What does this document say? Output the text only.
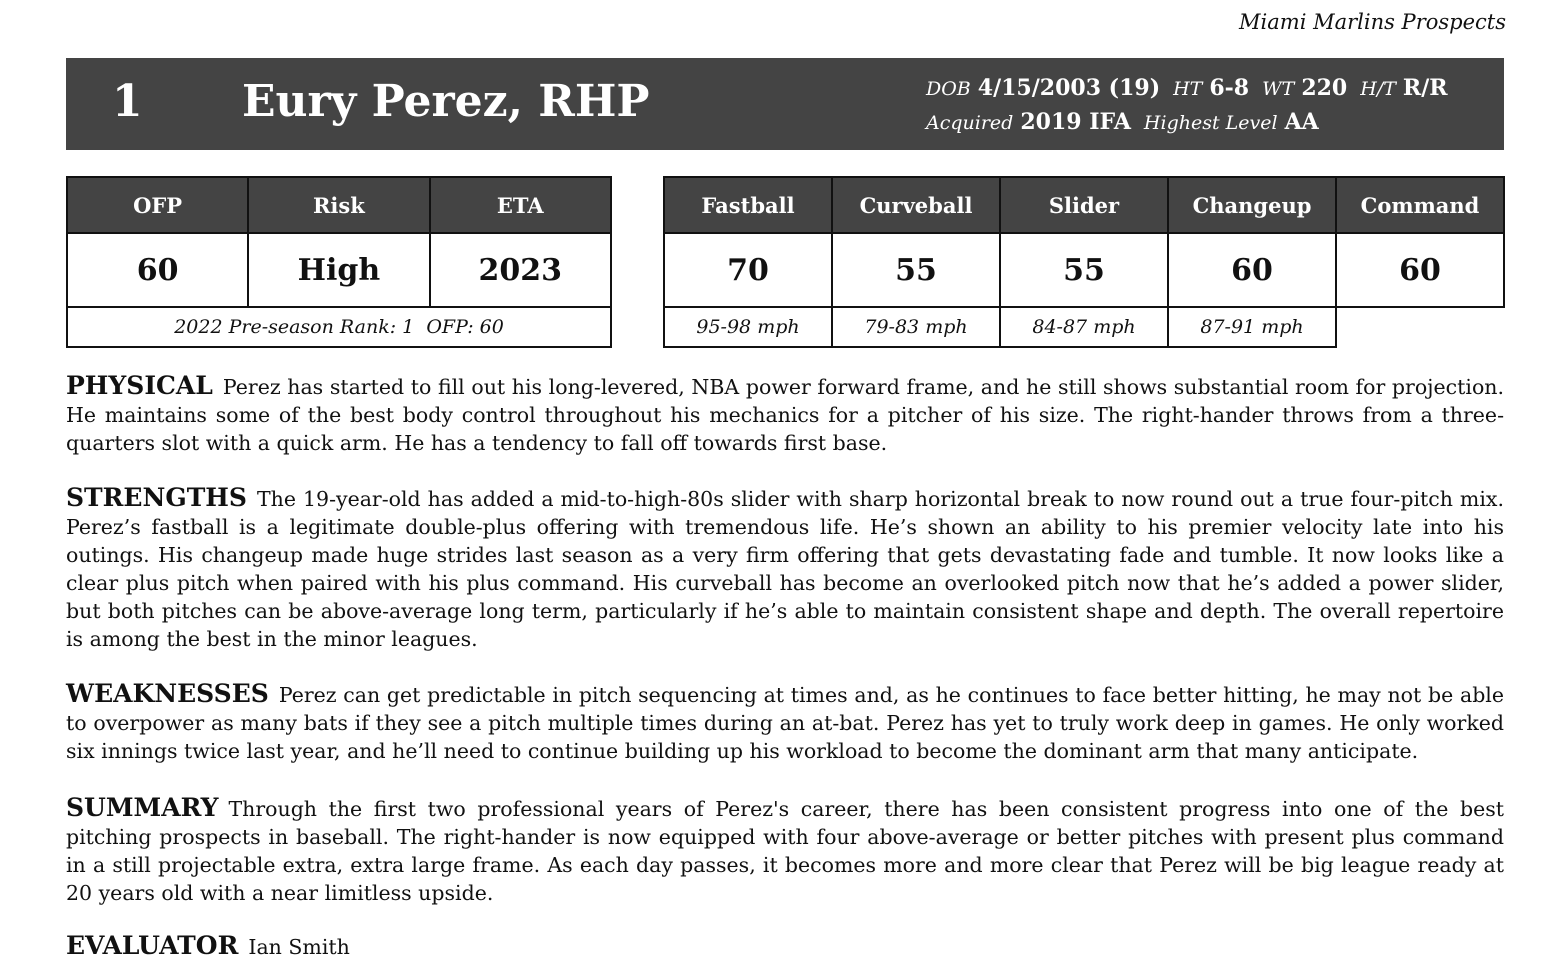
Miami Marlins Prospects
1 Eury Perez, RHP	DOB 4/15/2003 (19) HT 6-8 WT 220 H/T R/R
Acquired 2019 IFA Highest Level AA
OFP	Risk	ETA
60	High	2023
2022 Pre-season Rank: 1  OFP: 60		
Fastball	Curveball	Slider	Changeup	Command
70	55	55	60	60
95-98 mph	79-83 mph	84-87 mph	87-91 mph	
PHYSICAL Perez has started to fill out his long-levered, NBA power forward frame, and he still shows substantial room for projection. He maintains some of the best body control throughout his mechanics for a pitcher of his size. The right-hander throws from a three-quarters slot with a quick arm. He has a tendency to fall off towards first base.
STRENGTHS The 19-year-old has added a mid-to-high-80s slider with sharp horizontal break to now round out a true four-pitch mix. Perez’s fastball is a legitimate double-plus offering with tremendous life. He’s shown an ability to his premier velocity late into his outings. His changeup made huge strides last season as a very firm offering that gets devastating fade and tumble. It now looks like a clear plus pitch when paired with his plus command. His curveball has become an overlooked pitch now that he’s added a power slider, but both pitches can be above-average long term, particularly if he’s able to maintain consistent shape and depth. The overall repertoire is among the best in the minor leagues.
WEAKNESSES Perez can get predictable in pitch sequencing at times and, as he continues to face better hitting, he may not be able to overpower as many bats if they see a pitch multiple times during an at-bat. Perez has yet to truly work deep in games. He only worked six innings twice last year, and he’ll need to continue building up his workload to become the dominant arm that many anticipate.
SUMMARY Through the first two professional years of Perez's career, there has been consistent progress into one of the best pitching prospects in baseball. The right-hander is now equipped with four above-average or better pitches with present plus command in a still projectable extra, extra large frame. As each day passes, it becomes more and more clear that Perez will be big league ready at 20 years old with a near limitless upside.
EVALUATOR Ian Smith
